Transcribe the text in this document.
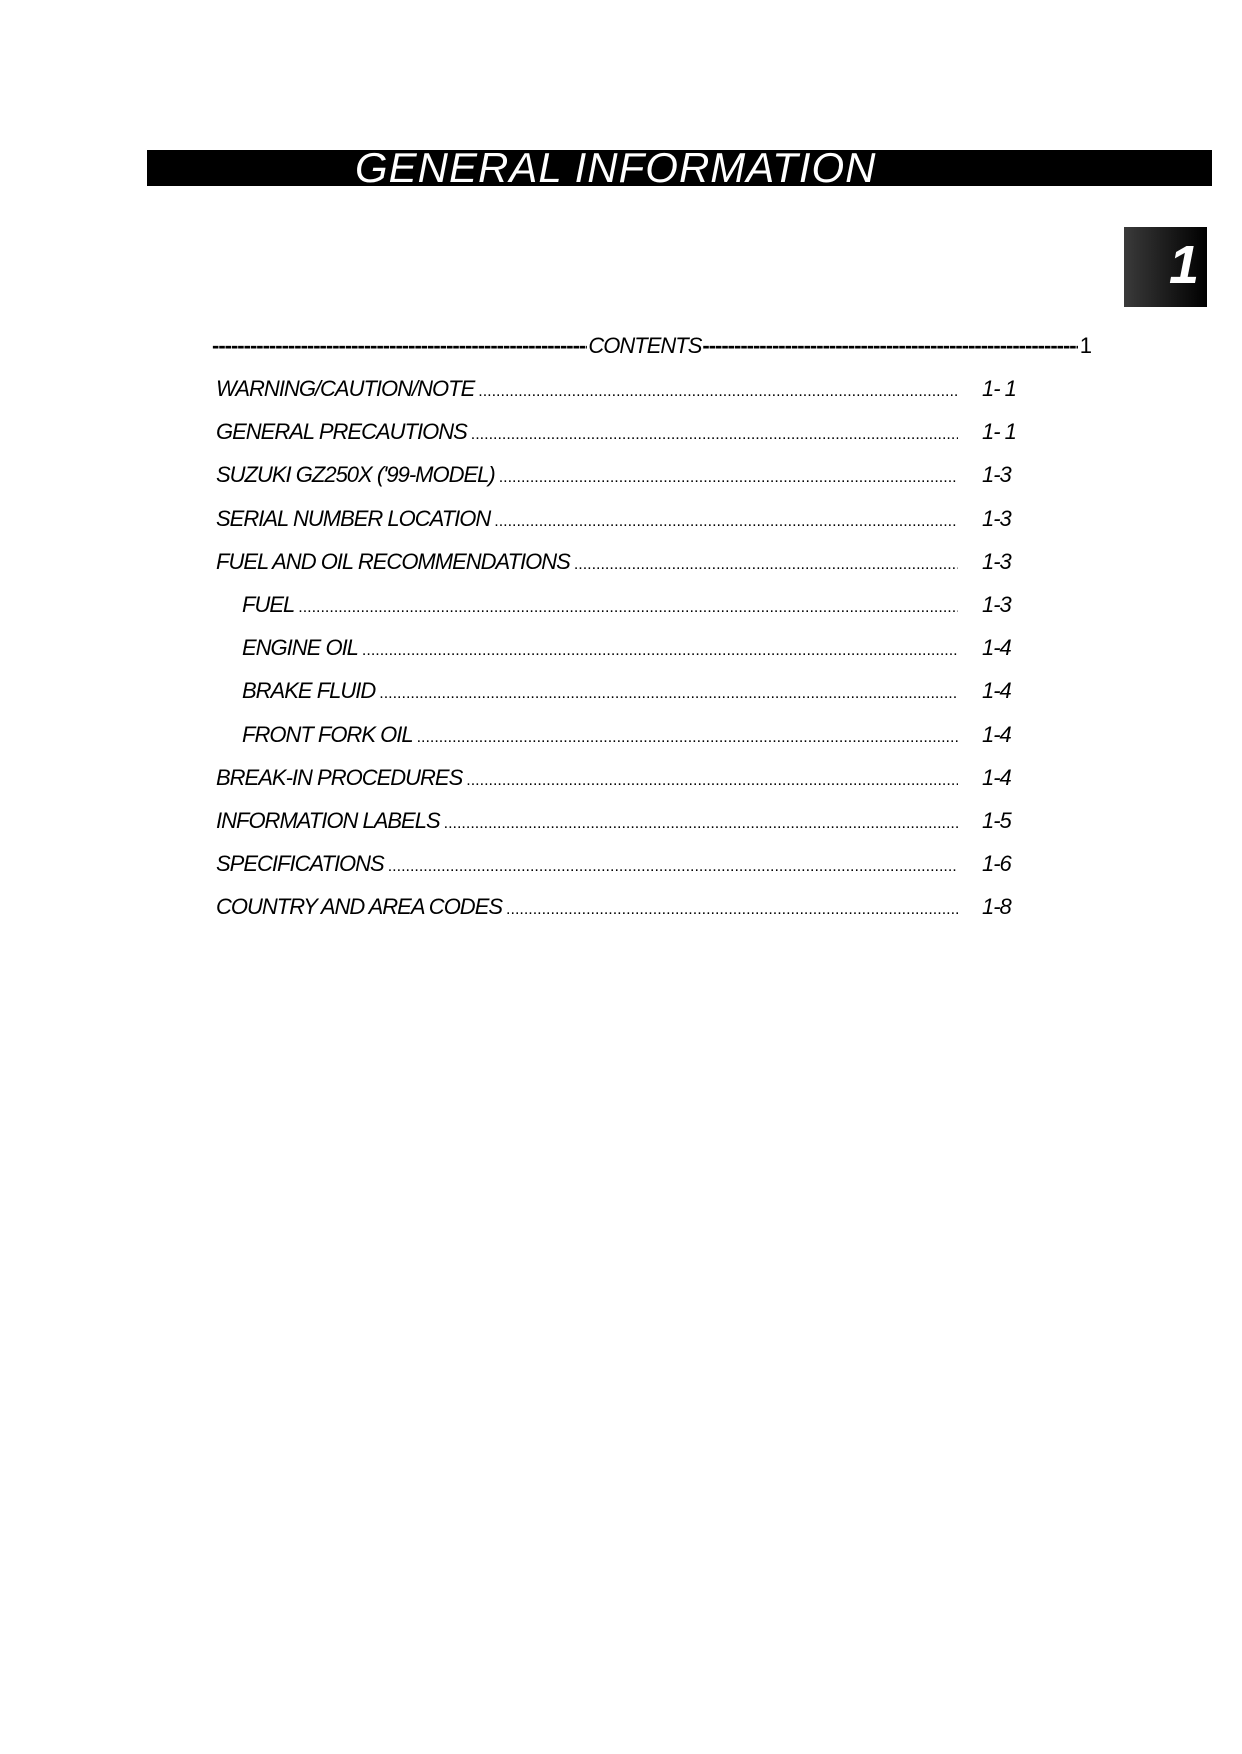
GENERAL INFORMATION
1
-----
CONTENTS -----	1
WARNING/CAUTION/NOTE .....	1- 1
GENERAL PRECAUTIONS .....	1- 1
SUZUKI GZ250X ('99-MODEL) .....	1-3
SERIAL NUMBER LOCATION .....	1-3
FUEL AND OIL RECOMMENDATIONS .....	1-3
FUEL .....	1-3
ENGINE OIL .....	1-4
BRAKE FLUID .....	1-4
FRONT FORK OIL .....	1-4
BREAK-IN PROCEDURES .....	1-4
INFORMATION LABELS .....	1-5
SPECIFICATIONS .....	1-6
COUNTRY AND AREA CODES .....	1-8
